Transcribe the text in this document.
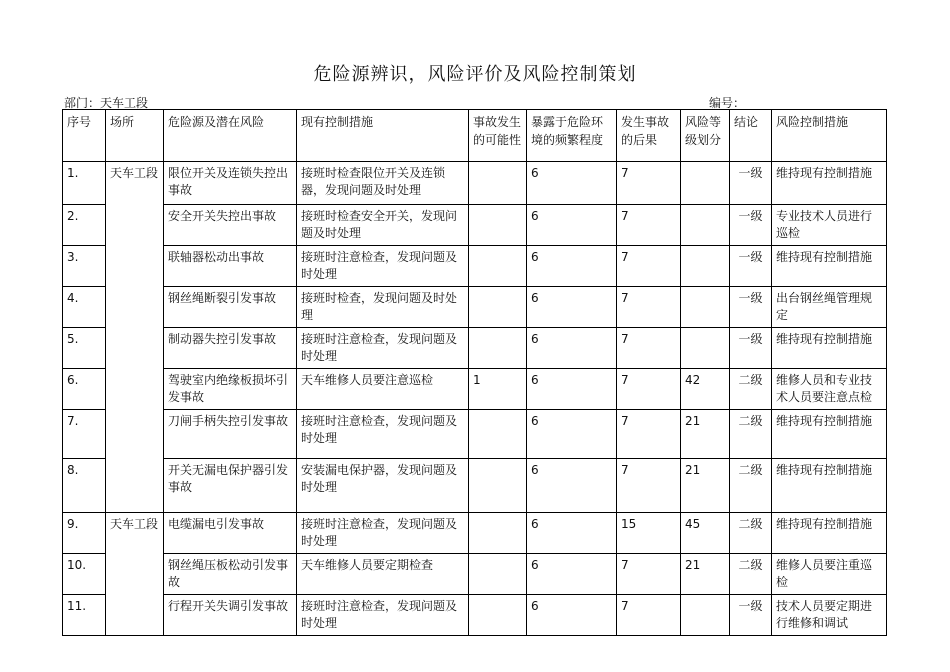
危险源辨识，风险评价及风险控制策划
部门：天车工段	编号：
序号	场所	危险源及潜在风险	现有控制措施	事故发生的可能性	暴露于危险环境的频繁程度	发生事故的后果	风险等级划分	结论	风险控制措施
1.	天车工段	限位开关及连锁失控出事故	接班时检查限位开关及连锁器，发现问题及时处理		6	7		一级	维持现有控制措施
2.		安全开关失控出事故	接班时检查安全开关，发现问题及时处理		6	7		一级	专业技术人员进行巡检
3.		联轴器松动出事故	接班时注意检查，发现问题及时处理		6	7		一级	维持现有控制措施
4.		钢丝绳断裂引发事故	接班时检查，发现问题及时处理		6	7		一级	出台钢丝绳管理规定
5.		制动器失控引发事故	接班时注意检查，发现问题及时处理		6	7		一级	维持现有控制措施
6.		驾驶室内绝缘板损坏引发事故	天车维修人员要注意巡检	1	6	7	42	二级	维修人员和专业技术人员要注意点检
7.		刀闸手柄失控引发事故	接班时注意检查，发现问题及时处理		6	7	21	二级	维持现有控制措施
8.		开关无漏电保护器引发事故	安装漏电保护器，发现问题及时处理		6	7	21	二级	维持现有控制措施
9.	天车工段	电缆漏电引发事故	接班时注意检查，发现问题及时处理		6	15	45	二级	维持现有控制措施
10.		钢丝绳压板松动引发事故	天车维修人员要定期检查		6	7	21	二级	维修人员要注重巡检
11.		行程开关失调引发事故	接班时注意检查，发现问题及时处理		6	7		一级	技术人员要定期进行维修和调试
